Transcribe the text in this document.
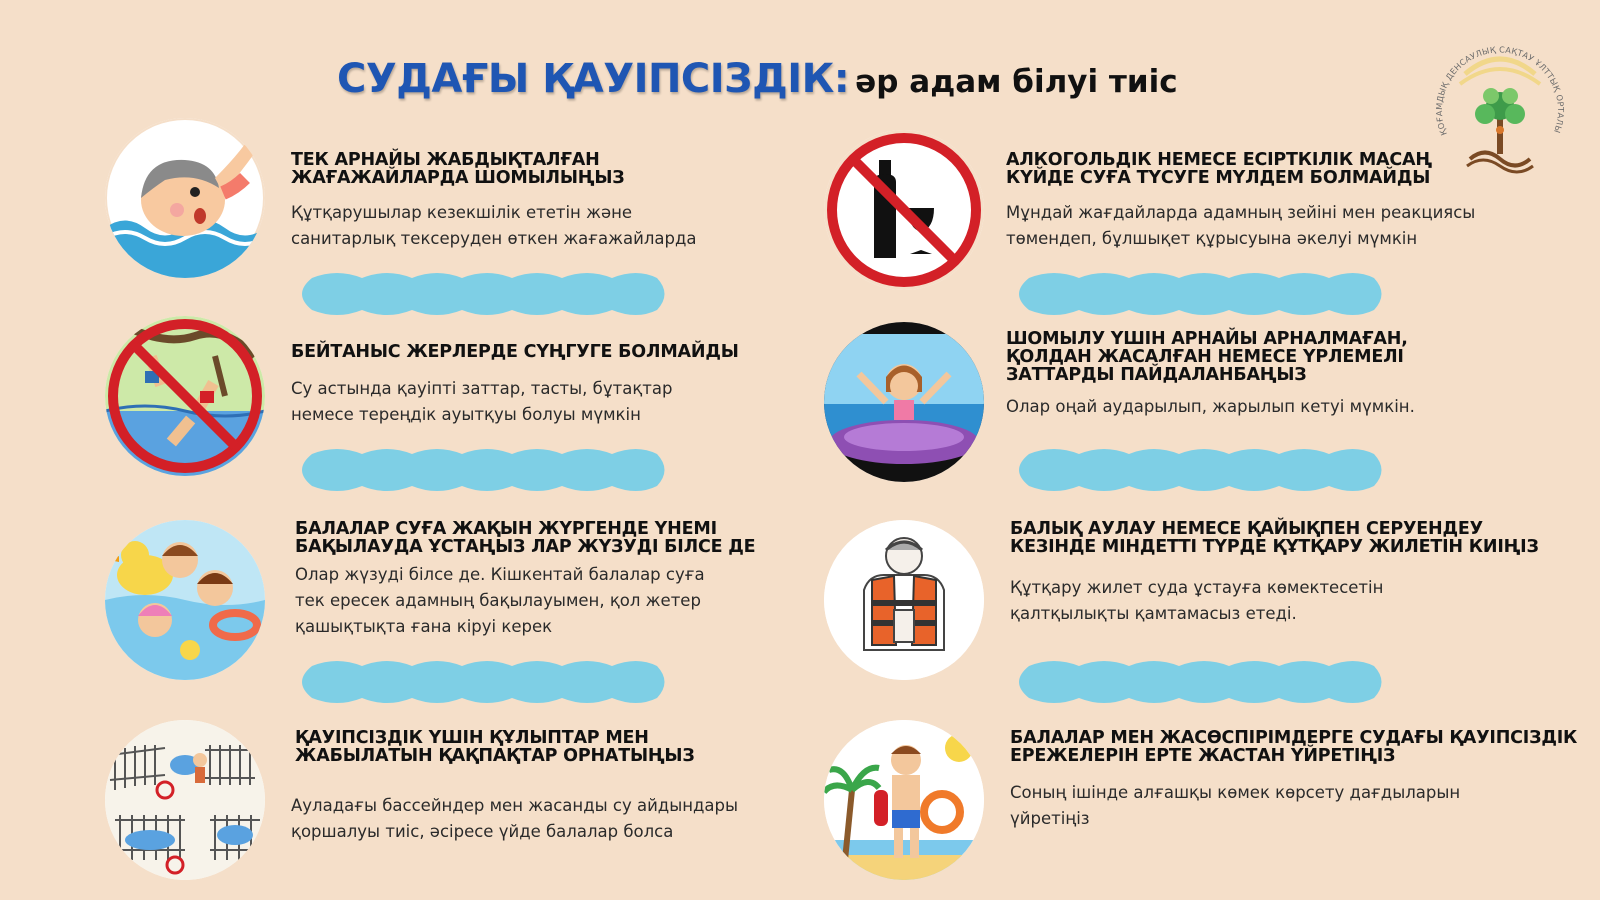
СУДАҒЫ ҚАУІПСІЗДІК: әр адам білуі тиіс
ҚОҒАМДЫҚ ДЕНСАУЛЫҚ САҚТАУ ҰЛТТЫҚ ОРТАЛЫ
ТЕК АРНАЙЫ ЖАБДЫҚТАЛҒАН
ЖАҒАЖАЙЛАРДА ШОМЫЛЫҢЫЗ
Құтқарушылар кезекшілік ететін және
санитарлық тексеруден өткен жағажайларда
БЕЙТАНЫС ЖЕРЛЕРДЕ СҮҢГУГЕ БОЛМАЙДЫ
Су астында қауіпті заттар, тасты, бұтақтар
немесе тереңдік ауытқуы болуы мүмкін
БАЛАЛАР СУҒА ЖАҚЫН ЖҮРГЕНДЕ ҮНЕМІ
БАҚЫЛАУДА ҰСТАҢЫЗ ЛАР ЖҮЗУДІ БІЛСЕ ДЕ
Олар жүзуді білсе де. Кішкентай балалар суға
тек ересек адамның бақылауымен, қол жетер
қашықтықта ғана кіруі керек
ҚАУІПСІЗДІК ҮШІН ҚҰЛЫПТАР МЕН
ЖАБЫЛАТЫН ҚАҚПАҚТАР ОРНАТЫҢЫЗ
Ауладағы бассейндер мен жасанды су айдындары
қоршалуы тиіс, әсіресе үйде балалар болса
АЛКОГОЛЬДІК НЕМЕСЕ ЕСІРТКІЛІК МАСАҢ
КҮЙДЕ СУҒА ТҮСУГЕ МҮЛДЕМ БОЛМАЙДЫ
Мұндай жағдайларда адамның зейіні мен реакциясы
төмендеп, бұлшықет құрысуына әкелуі мүмкін
ШОМЫЛУ ҮШІН АРНАЙЫ АРНАЛМАҒАН,
ҚОЛДАН ЖАСАЛҒАН НЕМЕСЕ ҮРЛЕМЕЛІ
ЗАТТАРДЫ ПАЙДАЛАНБАҢЫЗ
Олар оңай аударылып, жарылып кетуі мүмкін.
БАЛЫҚ АУЛАУ НЕМЕСЕ ҚАЙЫҚПЕН СЕРУЕНДЕУ
КЕЗІНДЕ МІНДЕТТІ ТҮРДЕ ҚҰТҚАРУ ЖИЛЕТІН КИІҢІЗ
Құтқару жилет суда ұстауға көмектесетін
қалтқылықты қамтамасыз етеді.
БАЛАЛАР МЕН ЖАСӨСПІРІМДЕРГЕ СУДАҒЫ ҚАУІПСІЗДІК
ЕРЕЖЕЛЕРІН ЕРТЕ ЖАСТАН ҮЙРЕТІҢІЗ
Соның ішінде алғашқы көмек көрсету дағдыларын
үйретіңіз
